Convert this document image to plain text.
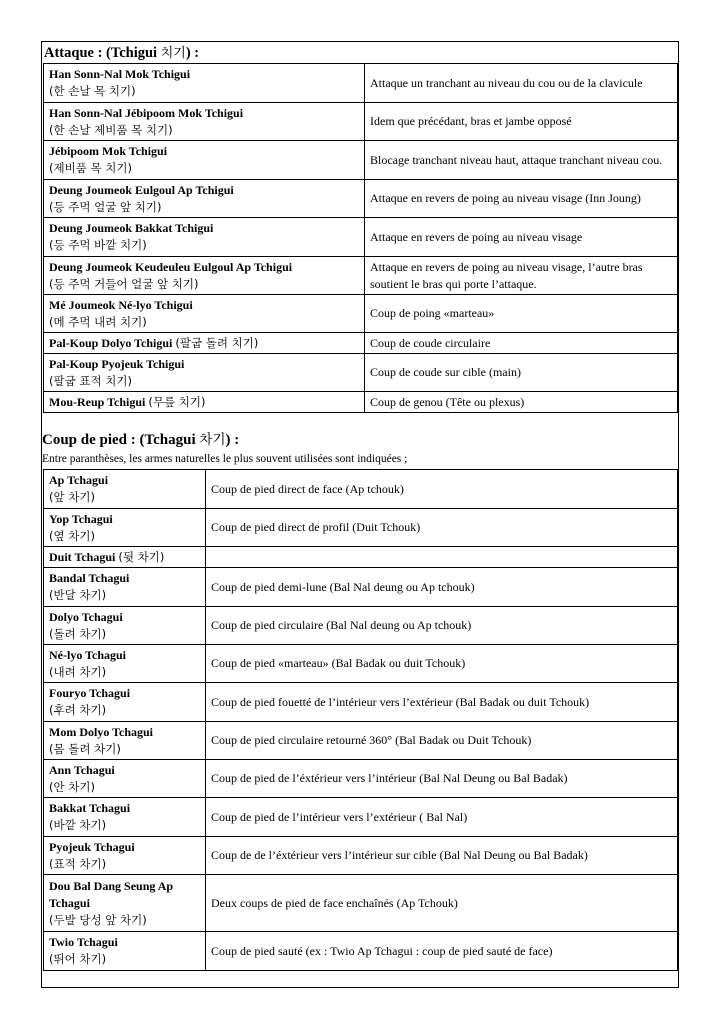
Attaque : (Tchigui 치기) :
Han Sonn-Nal Mok Tchigui
(한 손날 목 치기)	Attaque un tranchant au niveau du cou ou de la clavicule
Han Sonn-Nal Jébipoom Mok Tchigui
(한 손날 제비품 목 치기)	Idem que précédant, bras et jambe opposé
Jébipoom Mok Tchigui
(제비품 목 치기)	Blocage tranchant niveau haut, attaque tranchant niveau cou.
Deung Joumeok Eulgoul Ap Tchigui
(등 주먹 얼굴 앞 치기)	Attaque en revers de poing au niveau visage (Inn Joung)
Deung Joumeok Bakkat Tchigui
(등 주먹 바깥 치기)	Attaque en revers de poing au niveau visage
Deung Joumeok Keudeuleu Eulgoul Ap Tchigui
(등 주먹 거들어 얼굴 앞 치기)	Attaque en revers de poing au niveau visage, l’autre bras soutient le bras qui porte l’attaque.
Mé Joumeok Né-lyo Tchigui
(메 주먹 내려 치기)	Coup de poing «marteau»
Pal-Koup Dolyo Tchigui (팔굽 돌려 치기)	Coup de coude circulaire
Pal-Koup Pyojeuk Tchigui
(팔굽 표적 치기)	Coup de coude sur cible (main)
Mou-Reup Tchigui (무릎 치기)	Coup de genou (Tête ou plexus)
Coup de pied : (Tchagui 차기) :
Entre paranthèses, les armes naturelles le plus souvent utilisées sont indiquées ;
Ap Tchagui
(앞 차기)	Coup de pied direct de face (Ap tchouk)
Yop Tchagui
(옆 차기)	Coup de pied direct de profil (Duit Tchouk)
Duit Tchagui (뒷 차기)	
Bandal Tchagui
(반달 차기)	Coup de pied demi-lune (Bal Nal deung ou Ap tchouk)
Dolyo Tchagui
(돌려 차기)	Coup de pied circulaire (Bal Nal deung ou Ap tchouk)
Né-lyo Tchagui
(내려 차기)	Coup de pied «marteau» (Bal Badak ou duit Tchouk)
Fouryo Tchagui
(후려 차기)	Coup de pied fouetté de l’intérieur vers l’extérieur (Bal Badak ou duit Tchouk)
Mom Dolyo Tchagui
(몸 돌려 차기)	Coup de pied circulaire retourné 360° (Bal Badak ou Duit Tchouk)
Ann Tchagui
(안 차기)	Coup de pied de l’éxtérieur vers l’intérieur (Bal Nal Deung ou Bal Badak)
Bakkat Tchagui
(바깥 차기)	Coup de pied de l’intérieur vers l’extérieur ( Bal Nal)
Pyojeuk Tchagui
(표적 차기)	Coup de de l’éxtérieur vers l’intérieur sur cible (Bal Nal Deung ou Bal Badak)
Dou Bal Dang Seung Ap Tchagui
(두발 당성 앞 차기)	Deux coups de pied de face enchaînés (Ap Tchouk)
Twio Tchagui
(뛰어 차기)	Coup de pied sauté (ex : Twio Ap Tchagui : coup de pied sauté de face)
